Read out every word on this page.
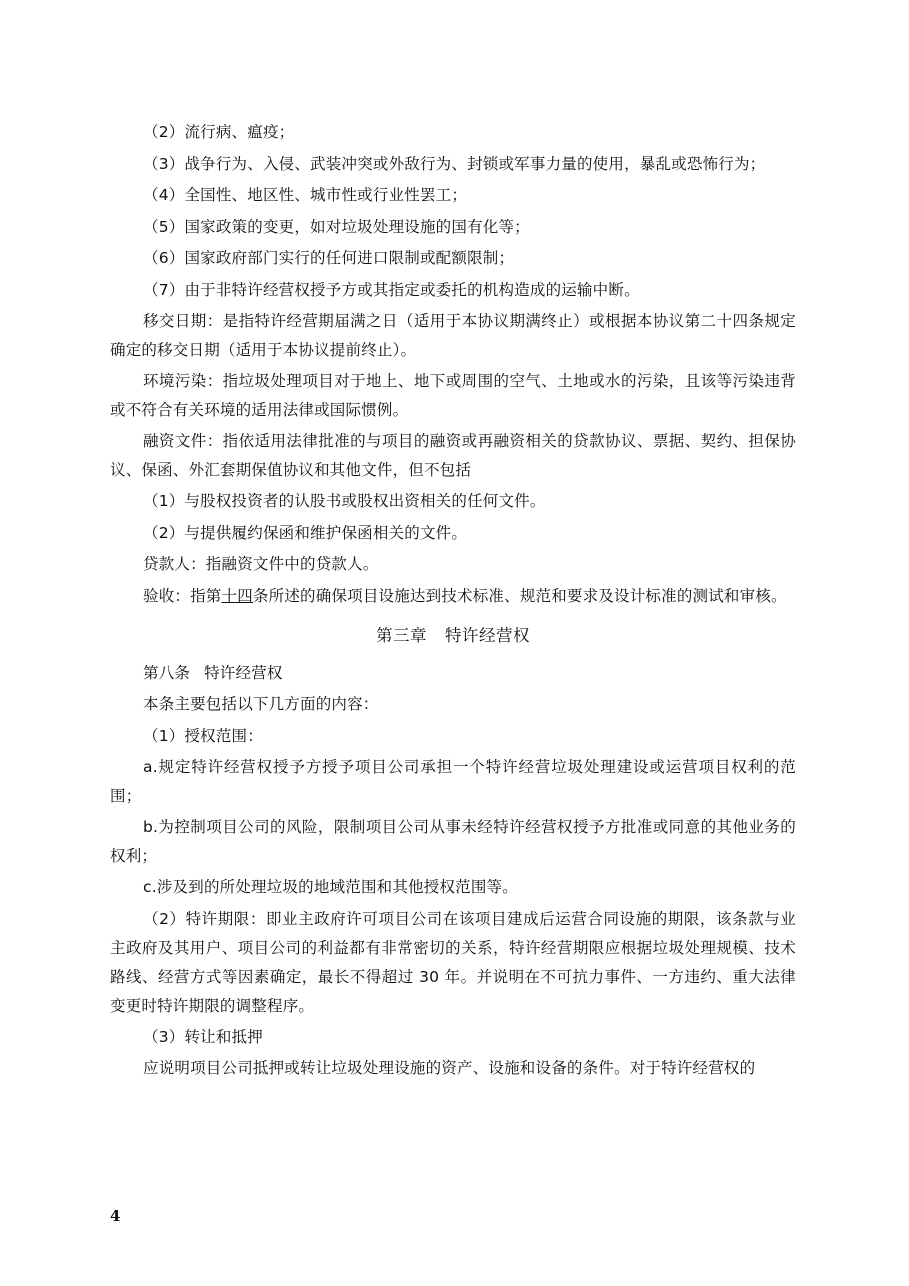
（2）流行病、瘟疫；

（3）战争行为、入侵、武装冲突或外敌行为、封锁或军事力量的使用，暴乱或恐怖行为；

（4）全国性、地区性、城市性或行业性罢工；

（5）国家政策的变更，如对垃圾处理设施的国有化等；

（6）国家政府部门实行的任何进口限制或配额限制；

（7）由于非特许经营权授予方或其指定或委托的机构造成的运输中断。

移交日期：是指特许经营期届满之日（适用于本协议期满终止）或根据本协议第二十四条规定确定的移交日期（适用于本协议提前终止）。

环境污染：指垃圾处理项目对于地上、地下或周围的空气、土地或水的污染，且该等污染违背或不符合有关环境的适用法律或国际惯例。

融资文件：指依适用法律批准的与项目的融资或再融资相关的贷款协议、票据、契约、担保协议、保函、外汇套期保值协议和其他文件，但不包括

（1）与股权投资者的认股书或股权出资相关的任何文件。

（2）与提供履约保函和维护保函相关的文件。

贷款人：指融资文件中的贷款人。

验收：指第十四条所述的确保项目设施达到技术标准、规范和要求及设计标准的测试和审核。

第三章 特许经营权

第八条 特许经营权

本条主要包括以下几方面的内容：

（1）授权范围：

a.规定特许经营权授予方授予项目公司承担一个特许经营垃圾处理建设或运营项目权利的范围；

b.为控制项目公司的风险，限制项目公司从事未经特许经营权授予方批准或同意的其他业务的权利；

c.涉及到的所处理垃圾的地域范围和其他授权范围等。

（2）特许期限：即业主政府许可项目公司在该项目建成后运营合同设施的期限，该条款与业主政府及其用户、项目公司的利益都有非常密切的关系，特许经营期限应根据垃圾处理规模、技术路线、经营方式等因素确定，最长不得超过 30 年。并说明在不可抗力事件、一方违约、重大法律变更时特许期限的调整程序。

（3）转让和抵押

应说明项目公司抵押或转让垃圾处理设施的资产、设施和设备的条件。对于特许经营权的

4
